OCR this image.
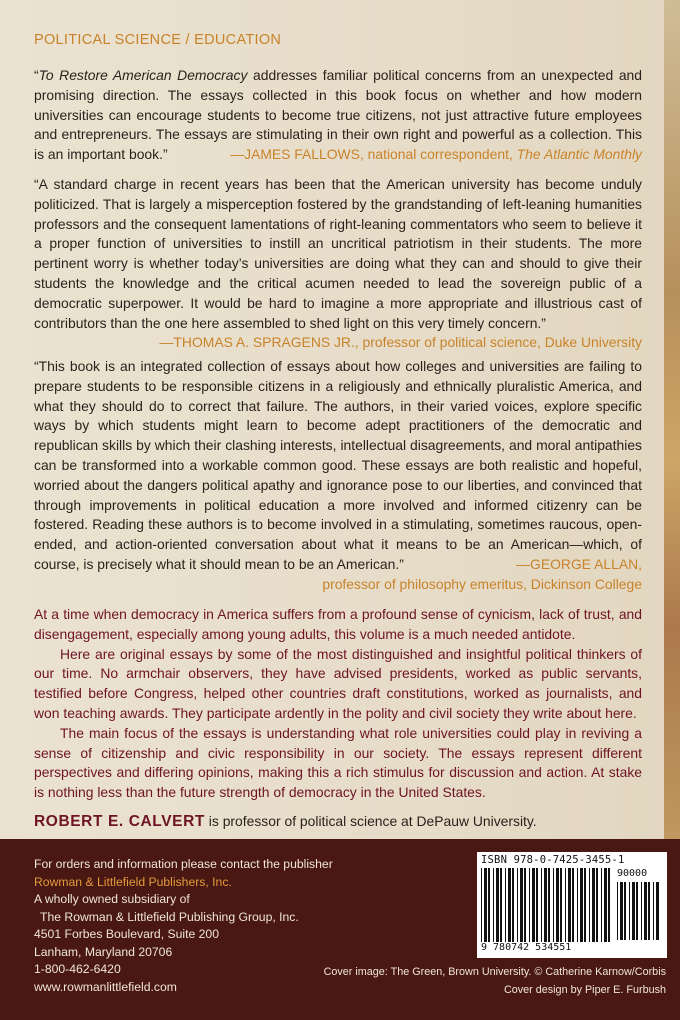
POLITICAL SCIENCE / EDUCATION

“To Restore American Democracy addresses familiar political concerns from an unexpected and promising direction. The essays collected in this book focus on whether and how modern universities can encourage students to become true citizens, not just attractive future employees and entrepreneurs. The essays are stimulating in their own right and powerful as a collection. This is an important book.”	—JAMES FALLOWS, national correspondent, The Atlantic Monthly

“A standard charge in recent years has been that the American university has become unduly politicized. That is largely a misperception fostered by the grandstanding of left-leaning humanities professors and the consequent lamentations of right-leaning commentators who seem to believe it a proper function of universities to instill an uncritical patriotism in their students. The more pertinent worry is whether today’s universities are doing what they can and should to give their students the knowledge and the critical acumen needed to lead the sovereign public of a democratic superpower. It would be hard to imagine a more appropriate and illustrious cast of contributors than the one here assembled to shed light on this very timely concern.”
—THOMAS A. SPRAGENS JR., professor of political science, Duke University

“This book is an integrated collection of essays about how colleges and universities are failing to prepare students to be responsible citizens in a religiously and ethnically pluralistic America, and what they should do to correct that failure. The authors, in their varied voices, explore specific ways by which students might learn to become adept practitioners of the democratic and republican skills by which their clashing interests, intellectual disagreements, and moral antipathies can be transformed into a workable common good. These essays are both realistic and hopeful, worried about the dangers political apathy and ignorance pose to our liberties, and convinced that through improvements in political education a more involved and informed citizenry can be fostered. Reading these authors is to become involved in a stimulating, sometimes raucous, open-ended, and action-oriented conversation about what it means to be an American—which, of course, is precisely what it should mean to be an American.”	—GEORGE ALLAN,
professor of philosophy emeritus, Dickinson College

At a time when democracy in America suffers from a profound sense of cynicism, lack of trust, and disengagement, especially among young adults, this volume is a much needed antidote.

Here are original essays by some of the most distinguished and insightful political thinkers of our time. No armchair observers, they have advised presidents, worked as public servants, testified before Congress, helped other countries draft constitutions, worked as journalists, and won teaching awards. They participate ardently in the polity and civil society they write about here.

The main focus of the essays is understanding what role universities could play in reviving a sense of citizenship and civic responsibility in our society. The essays represent different perspectives and differing opinions, making this a rich stimulus for discussion and action. At stake is nothing less than the future strength of democracy in the United States.

ROBERT E. CALVERT is professor of political science at DePauw University.

For orders and information please contact the publisher
Rowman & Littlefield Publishers, Inc.
A wholly owned subsidiary of
The Rowman & Littlefield Publishing Group, Inc.
4501 Forbes Boulevard, Suite 200
Lanham, Maryland 20706
1-800-462-6420
www.rowmanlittlefield.com

ISBN 978-0-7425-3455-1

90000

9 780742 534551

Cover image: The Green, Brown University. © Catherine Karnow/Corbis
Cover design by Piper E. Furbush
